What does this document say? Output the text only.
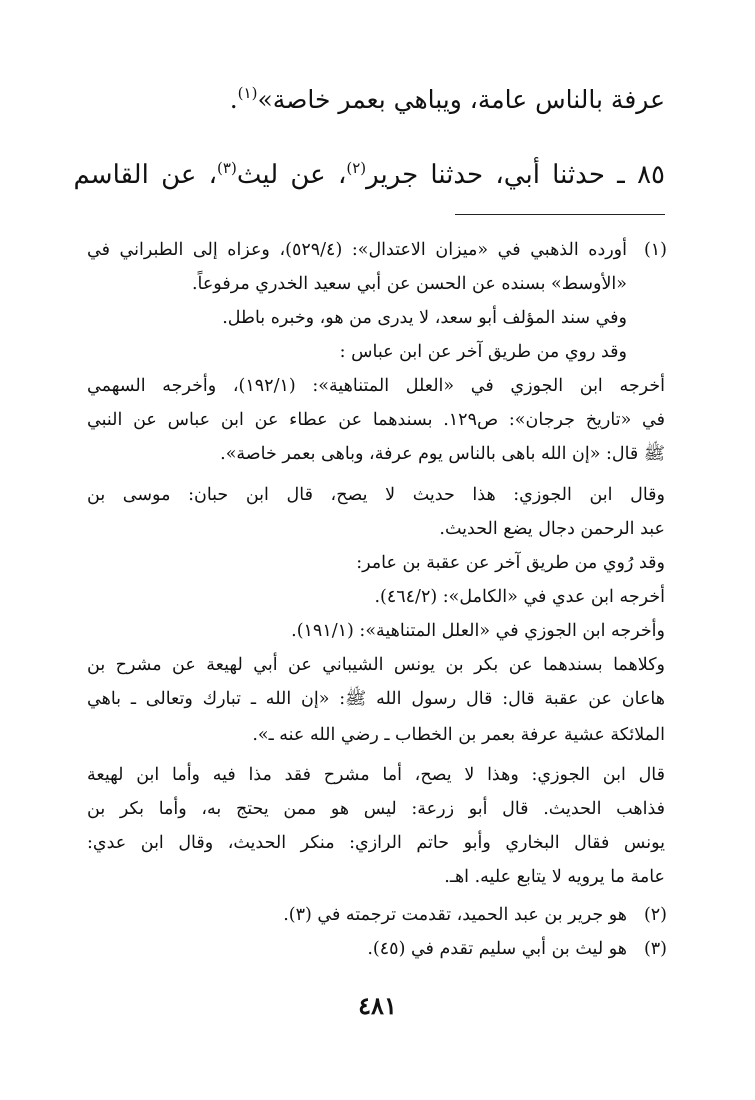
عرفة بالناس عامة، ويباهي بعمر خاصة»$^{(١)}$.
٨٥ ـ حدثنا أبي، حدثنا جرير$^{(٢)}$، عن ليث$^{(٣)}$، عن القاسم
(١)
أورده الذهبي في «ميزان الاعتدال»: (٥٢٩/٤)، وعزاه إلى الطبراني في
«الأوسط» بسنده عن الحسن عن أبي سعيد الخدري مرفوعاً.
وفي سند المؤلف أبو سعد، لا يدرى من هو، وخبره باطل.
وقد روي من طريق آخر عن ابن عباس :
أخرجه ابن الجوزي في «العلل المتناهية»: (١٩٢/١)، وأخرجه السهمي
في «تاريخ جرجان»: ص١٢٩. بسندهما عن عطاء عن ابن عباس عن النبي
ﷺ قال: «إن الله باهى بالناس يوم عرفة، وباهى بعمر خاصة».
وقال ابن الجوزي: هذا حديث لا يصح، قال ابن حبان: موسى بن
عبد الرحمن دجال يضع الحديث.
وقد رُوي من طريق آخر عن عقبة بن عامر:
أخرجه ابن عدي في «الكامل»: (٤٦٤/٢).
وأخرجه ابن الجوزي في «العلل المتناهية»: (١٩١/١).
وكلاهما بسندهما عن بكر بن يونس الشيباني عن أبي لهيعة عن مشرح بن
هاعان عن عقبة قال: قال رسول الله ﷺ: «إن الله ـ تبارك وتعالى ـ باهي
الملائكة عشية عرفة بعمر بن الخطاب ـ رضي الله عنه ـ».
قال ابن الجوزي: وهذا لا يصح، أما مشرح فقد مذا فيه وأما ابن لهيعة
فذاهب الحديث. قال أبو زرعة: ليس هو ممن يحتج به، وأما بكر بن
يونس فقال البخاري وأبو حاتم الرازي: منكر الحديث، وقال ابن عدي:
عامة ما يرويه لا يتابع عليه. اهـ.
(٢)
هو جرير بن عبد الحميد، تقدمت ترجمته في (٣).
(٣)
هو ليث بن أبي سليم تقدم في (٤٥).
٤٨١
